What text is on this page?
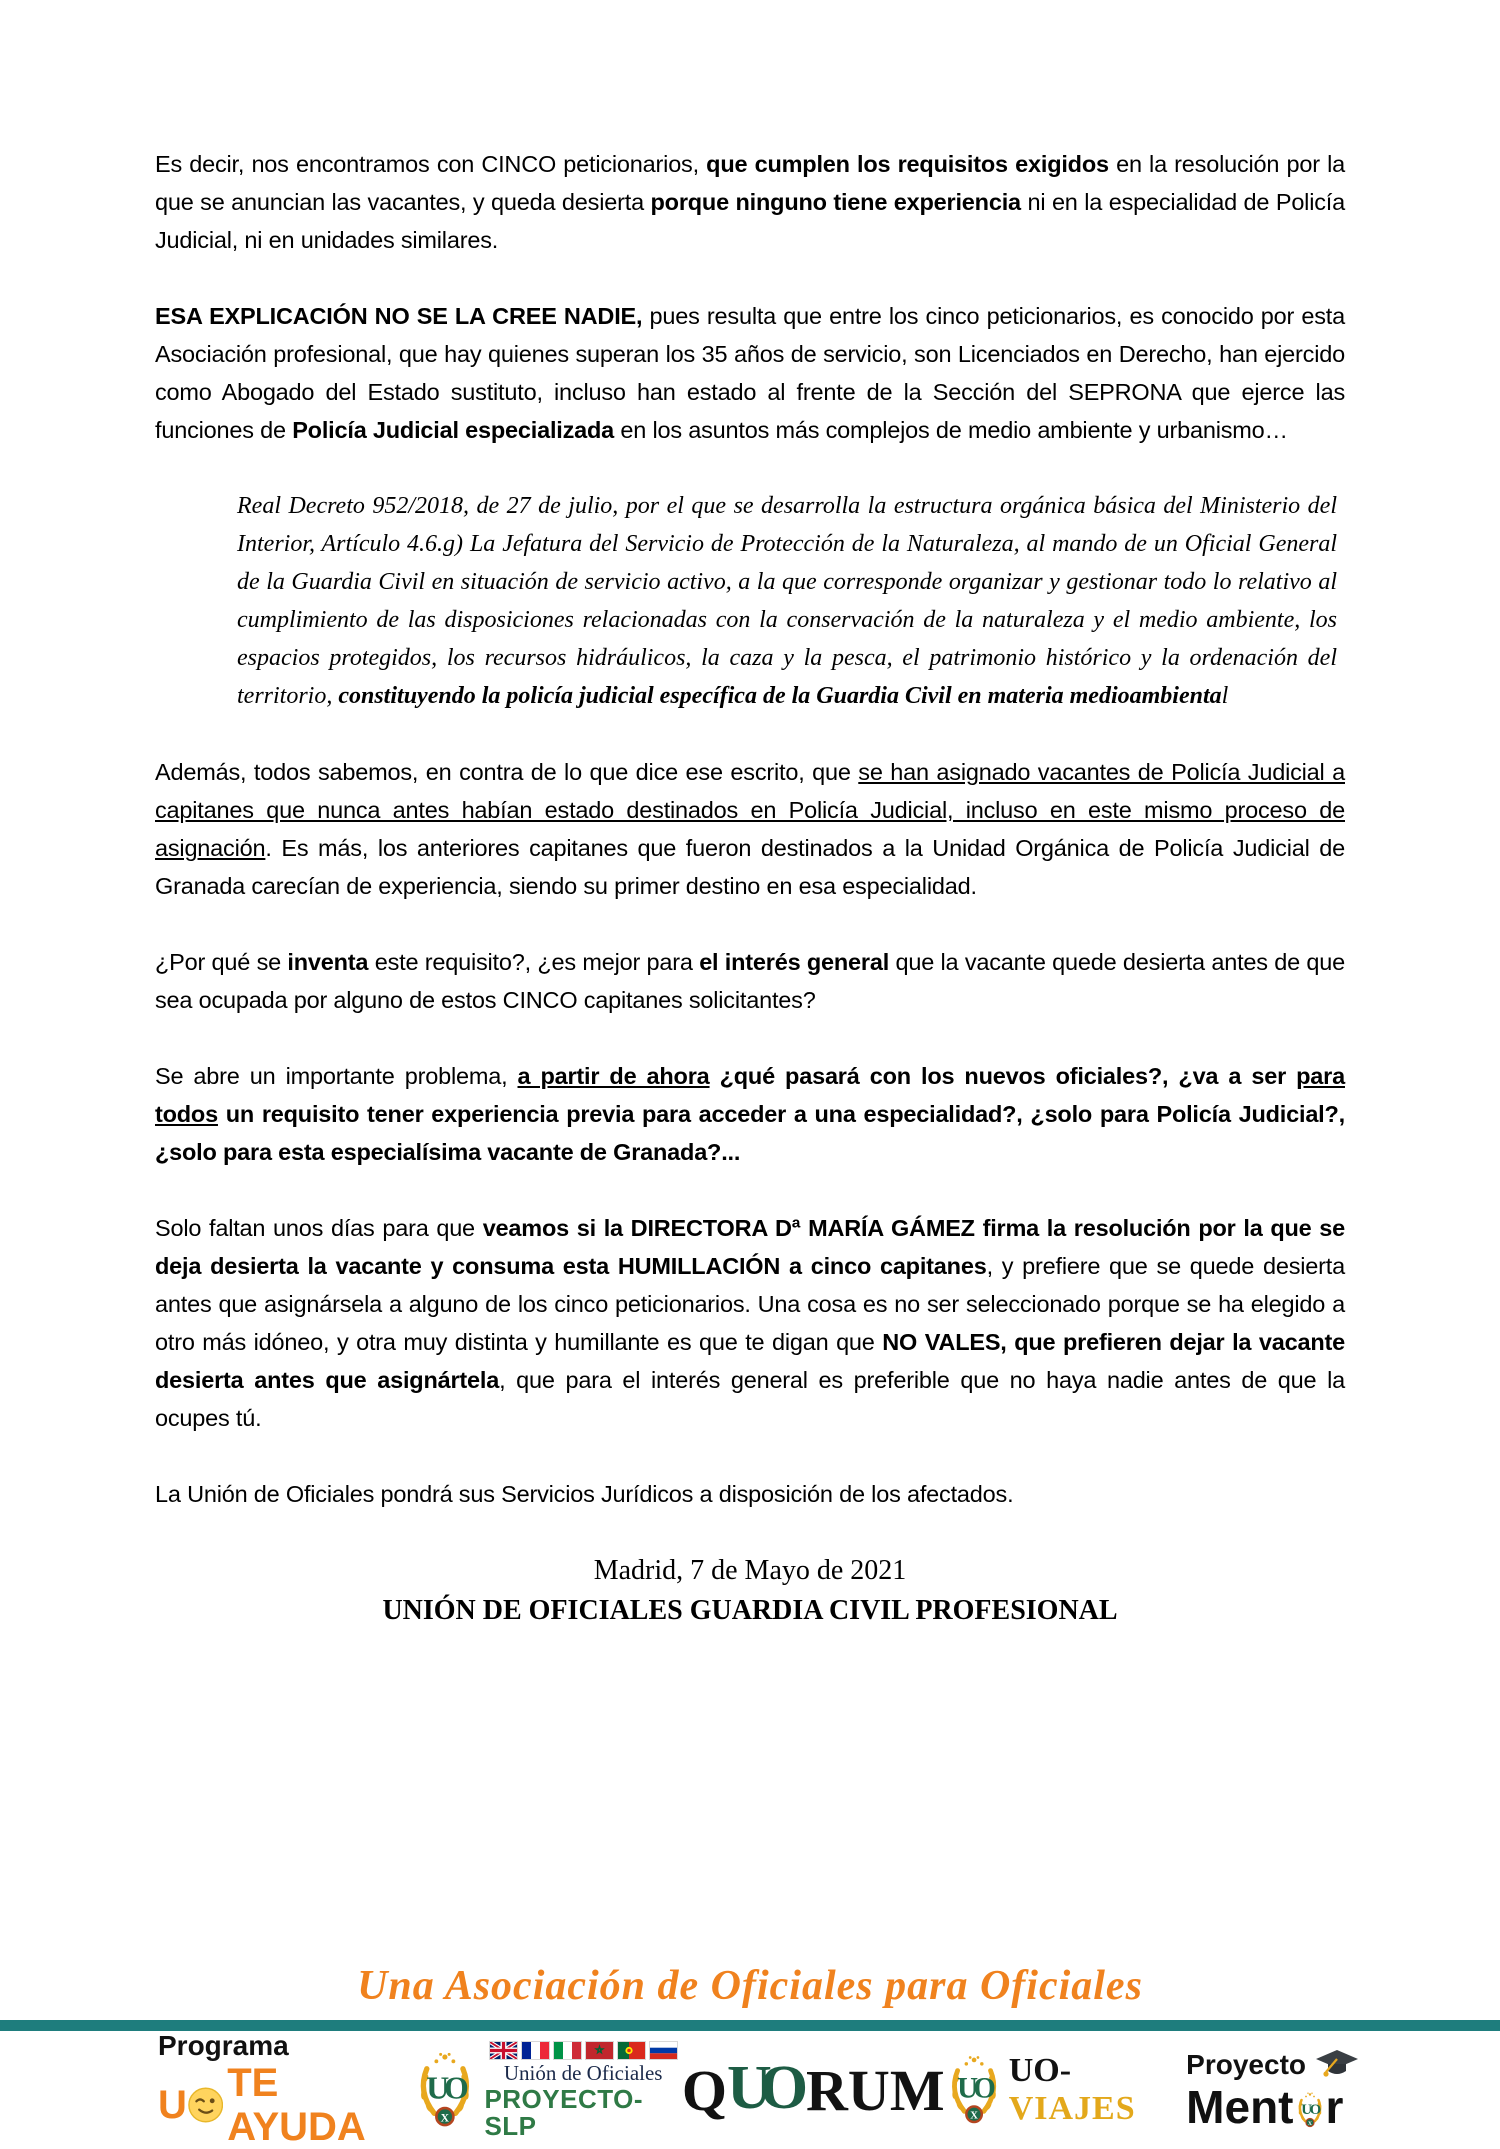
Es decir, nos encontramos con CINCO peticionarios, que cumplen los requisitos exigidos en la resolución por la que se anuncian las vacantes, y queda desierta porque ninguno tiene experiencia ni en la especialidad de Policía Judicial, ni en unidades similares.

ESA EXPLICACIÓN NO SE LA CREE NADIE, pues resulta que entre los cinco peticionarios, es conocido por esta Asociación profesional, que hay quienes superan los 35 años de servicio, son Licenciados en Derecho, han ejercido como Abogado del Estado sustituto, incluso han estado al frente de la Sección del SEPRONA que ejerce las funciones de Policía Judicial especializada en los asuntos más complejos de medio ambiente y urbanismo…

Real Decreto 952/2018, de 27 de julio, por el que se desarrolla la estructura orgánica básica del Ministerio del Interior, Artículo 4.6.g) La Jefatura del Servicio de Protección de la Naturaleza, al mando de un Oficial General de la Guardia Civil en situación de servicio activo, a la que corresponde organizar y gestionar todo lo relativo al cumplimiento de las disposiciones relacionadas con la conservación de la naturaleza y el medio ambiente, los espacios protegidos, los recursos hidráulicos, la caza y la pesca, el patrimonio histórico y la ordenación del territorio, constituyendo la policía judicial específica de la Guardia Civil en materia medioambiental

Además, todos sabemos, en contra de lo que dice ese escrito, que se han asignado vacantes de Policía Judicial a capitanes que nunca antes habían estado destinados en Policía Judicial, incluso en este mismo proceso de asignación. Es más, los anteriores capitanes que fueron destinados a la Unidad Orgánica de Policía Judicial de Granada carecían de experiencia, siendo su primer destino en esa especialidad.

¿Por qué se inventa este requisito?, ¿es mejor para el interés general que la vacante quede desierta antes de que sea ocupada por alguno de estos CINCO capitanes solicitantes?

Se abre un importante problema, a partir de ahora ¿qué pasará con los nuevos oficiales?, ¿va a ser para todos un requisito tener experiencia previa para acceder a una especialidad?, ¿solo para Policía Judicial?, ¿solo para esta especialísima vacante de Granada?...

Solo faltan unos días para que veamos si la DIRECTORA Dª MARÍA GÁMEZ firma la resolución por la que se deja desierta la vacante y consuma esta HUMILLACIÓN a cinco capitanes, y prefiere que se quede desierta antes que asignársela a alguno de los cinco peticionarios. Una cosa es no ser seleccionado porque se ha elegido a otro más idóneo, y otra muy distinta y humillante es que te digan que NO VALES, que prefieren dejar la vacante desierta antes que asignártela, que para el interés general es preferible que no haya nadie antes de que la ocupes tú.

La Unión de Oficiales pondrá sus Servicios Jurídicos a disposición de los afectados.

Madrid, 7 de Mayo de 2021
UNIÓN DE OFICIALES GUARDIA CIVIL PROFESIONAL
Una Asociación de Oficiales para Oficiales
Programa
U TE AYUDA
Unión de Oficiales
PROYECTO-SLP
Q UO RUM UO-VIAJES
Proyecto
Ment r
